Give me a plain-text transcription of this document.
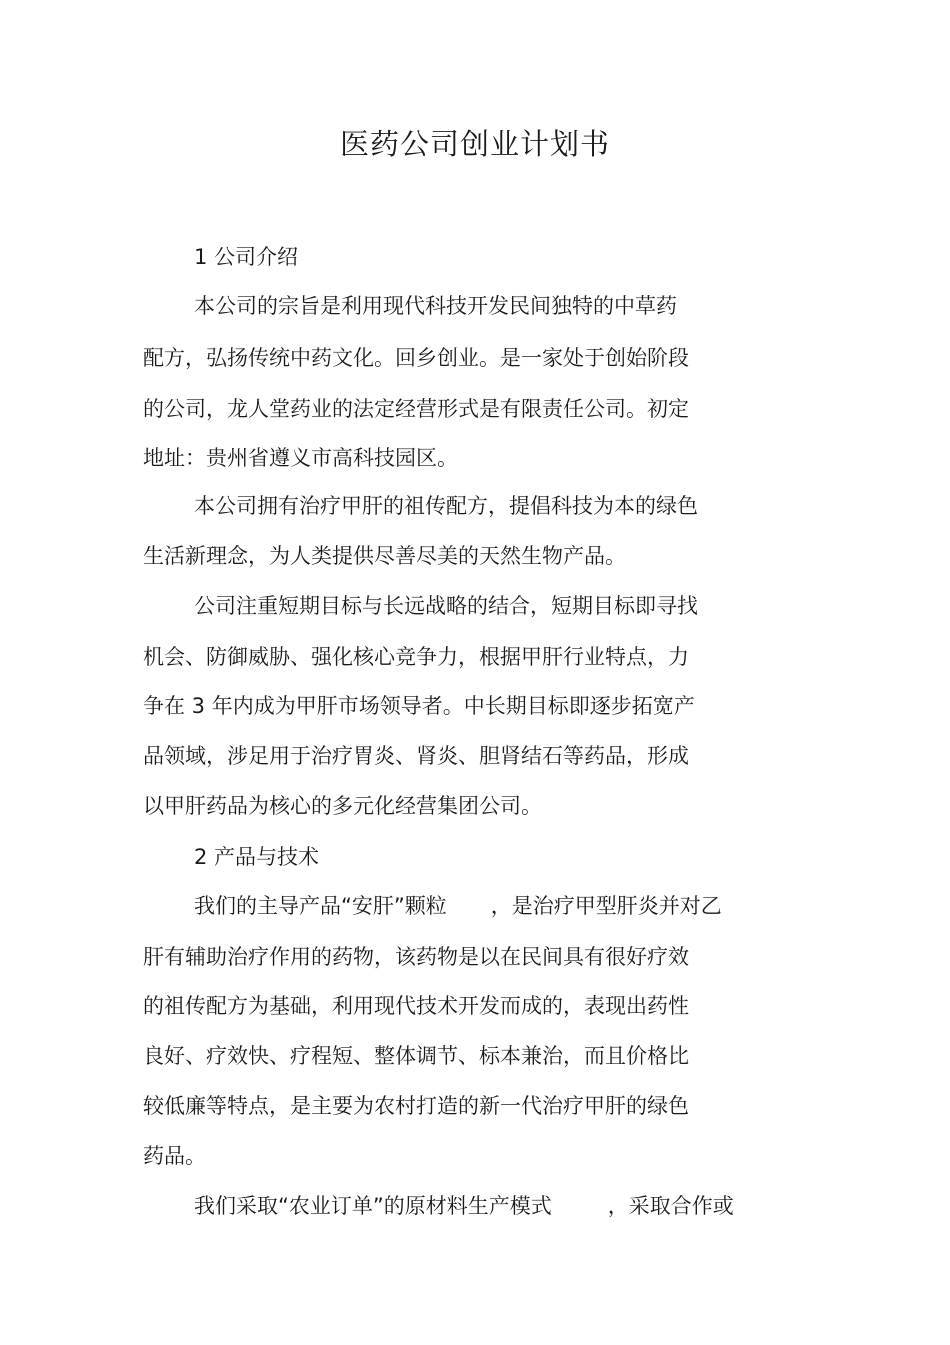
医药公司创业计划书
1 公司介绍
本公司的宗旨是利用现代科技开发民间独特的中草药
配方，弘扬传统中药文化。回乡创业。是一家处于创始阶段
的公司，龙人堂药业的法定经营形式是有限责任公司。初定
地址：贵州省遵义市高科技园区。
本公司拥有治疗甲肝的祖传配方，提倡科技为本的绿色
生活新理念，为人类提供尽善尽美的天然生物产品。
公司注重短期目标与长远战略的结合，短期目标即寻找
机会、防御威胁、强化核心竞争力，根据甲肝行业特点，力
争在 3 年内成为甲肝市场领导者。中长期目标即逐步拓宽产
品领域，涉足用于治疗胃炎、肾炎、胆肾结石等药品，形成
以甲肝药品为核心的多元化经营集团公司。
2 产品与技术
我们的主导产品“安肝”颗粒 ，是治疗甲型肝炎并对乙
肝有辅助治疗作用的药物，该药物是以在民间具有很好疗效
的祖传配方为基础，利用现代技术开发而成的，表现出药性
良好、疗效快、疗程短、整体调节、标本兼治，而且价格比
较低廉等特点，是主要为农村打造的新一代治疗甲肝的绿色
药品。
我们采取“农业订单”的原材料生产模式	，采取合作或
